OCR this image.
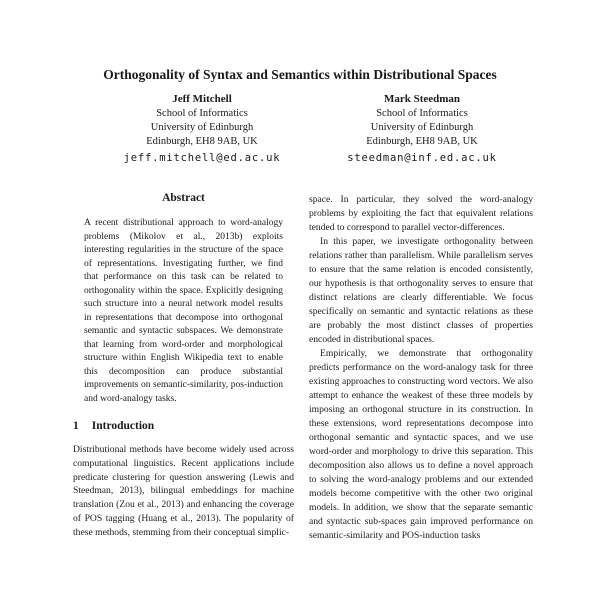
Orthogonality of Syntax and Semantics within Distributional Spaces
Jeff Mitchell
School of Informatics
University of Edinburgh
Edinburgh, EH8 9AB, UK
jeff.mitchell@ed.ac.uk
Mark Steedman
School of Informatics
University of Edinburgh
Edinburgh, EH8 9AB, UK
steedman@inf.ed.ac.uk
Abstract

A recent distributional approach to word-analogy problems (Mikolov et al., 2013b) exploits interesting regularities in the structure of the space of representations. Investigating further, we find that performance on this task can be related to orthogonality within the space. Explicitly designing such structure into a neural network model results in representations that decompose into orthogonal semantic and syntactic subspaces. We demonstrate that learning from word-order and morphological structure within English Wikipedia text to enable this decomposition can produce substantial improvements on semantic-similarity, pos-induction and word-analogy tasks.

1 Introduction

Distributional methods have become widely used across computational linguistics. Recent applications include predicate clustering for question answering (Lewis and Steedman, 2013), bilingual embeddings for machine translation (Zou et al., 2013) and enhancing the coverage of POS tagging (Huang et al., 2013). The popularity of these methods, stemming from their conceptual simplic-

space. In particular, they solved the word-analogy problems by exploiting the fact that equivalent relations tended to correspond to parallel vector-differences.

In this paper, we investigate orthogonality between relations rather than parallelism. While parallelism serves to ensure that the same relation is encoded consistently, our hypothesis is that orthogonality serves to ensure that distinct relations are clearly differentiable. We focus specifically on semantic and syntactic relations as these are probably the most distinct classes of properties encoded in distributional spaces.

Empirically, we demonstrate that orthogonality predicts performance on the word-analogy task for three existing approaches to constructing word vectors. We also attempt to enhance the weakest of these three models by imposing an orthogonal structure in its construction. In these extensions, word representations decompose into orthogonal semantic and syntactic spaces, and we use word-order and morphology to drive this separation. This decomposition also allows us to define a novel approach to solving the word-analogy problems and our extended models become competitive with the other two original models. In addition, we show that the separate semantic and syntactic sub-spaces gain improved performance on semantic-similarity and POS-induction tasks
